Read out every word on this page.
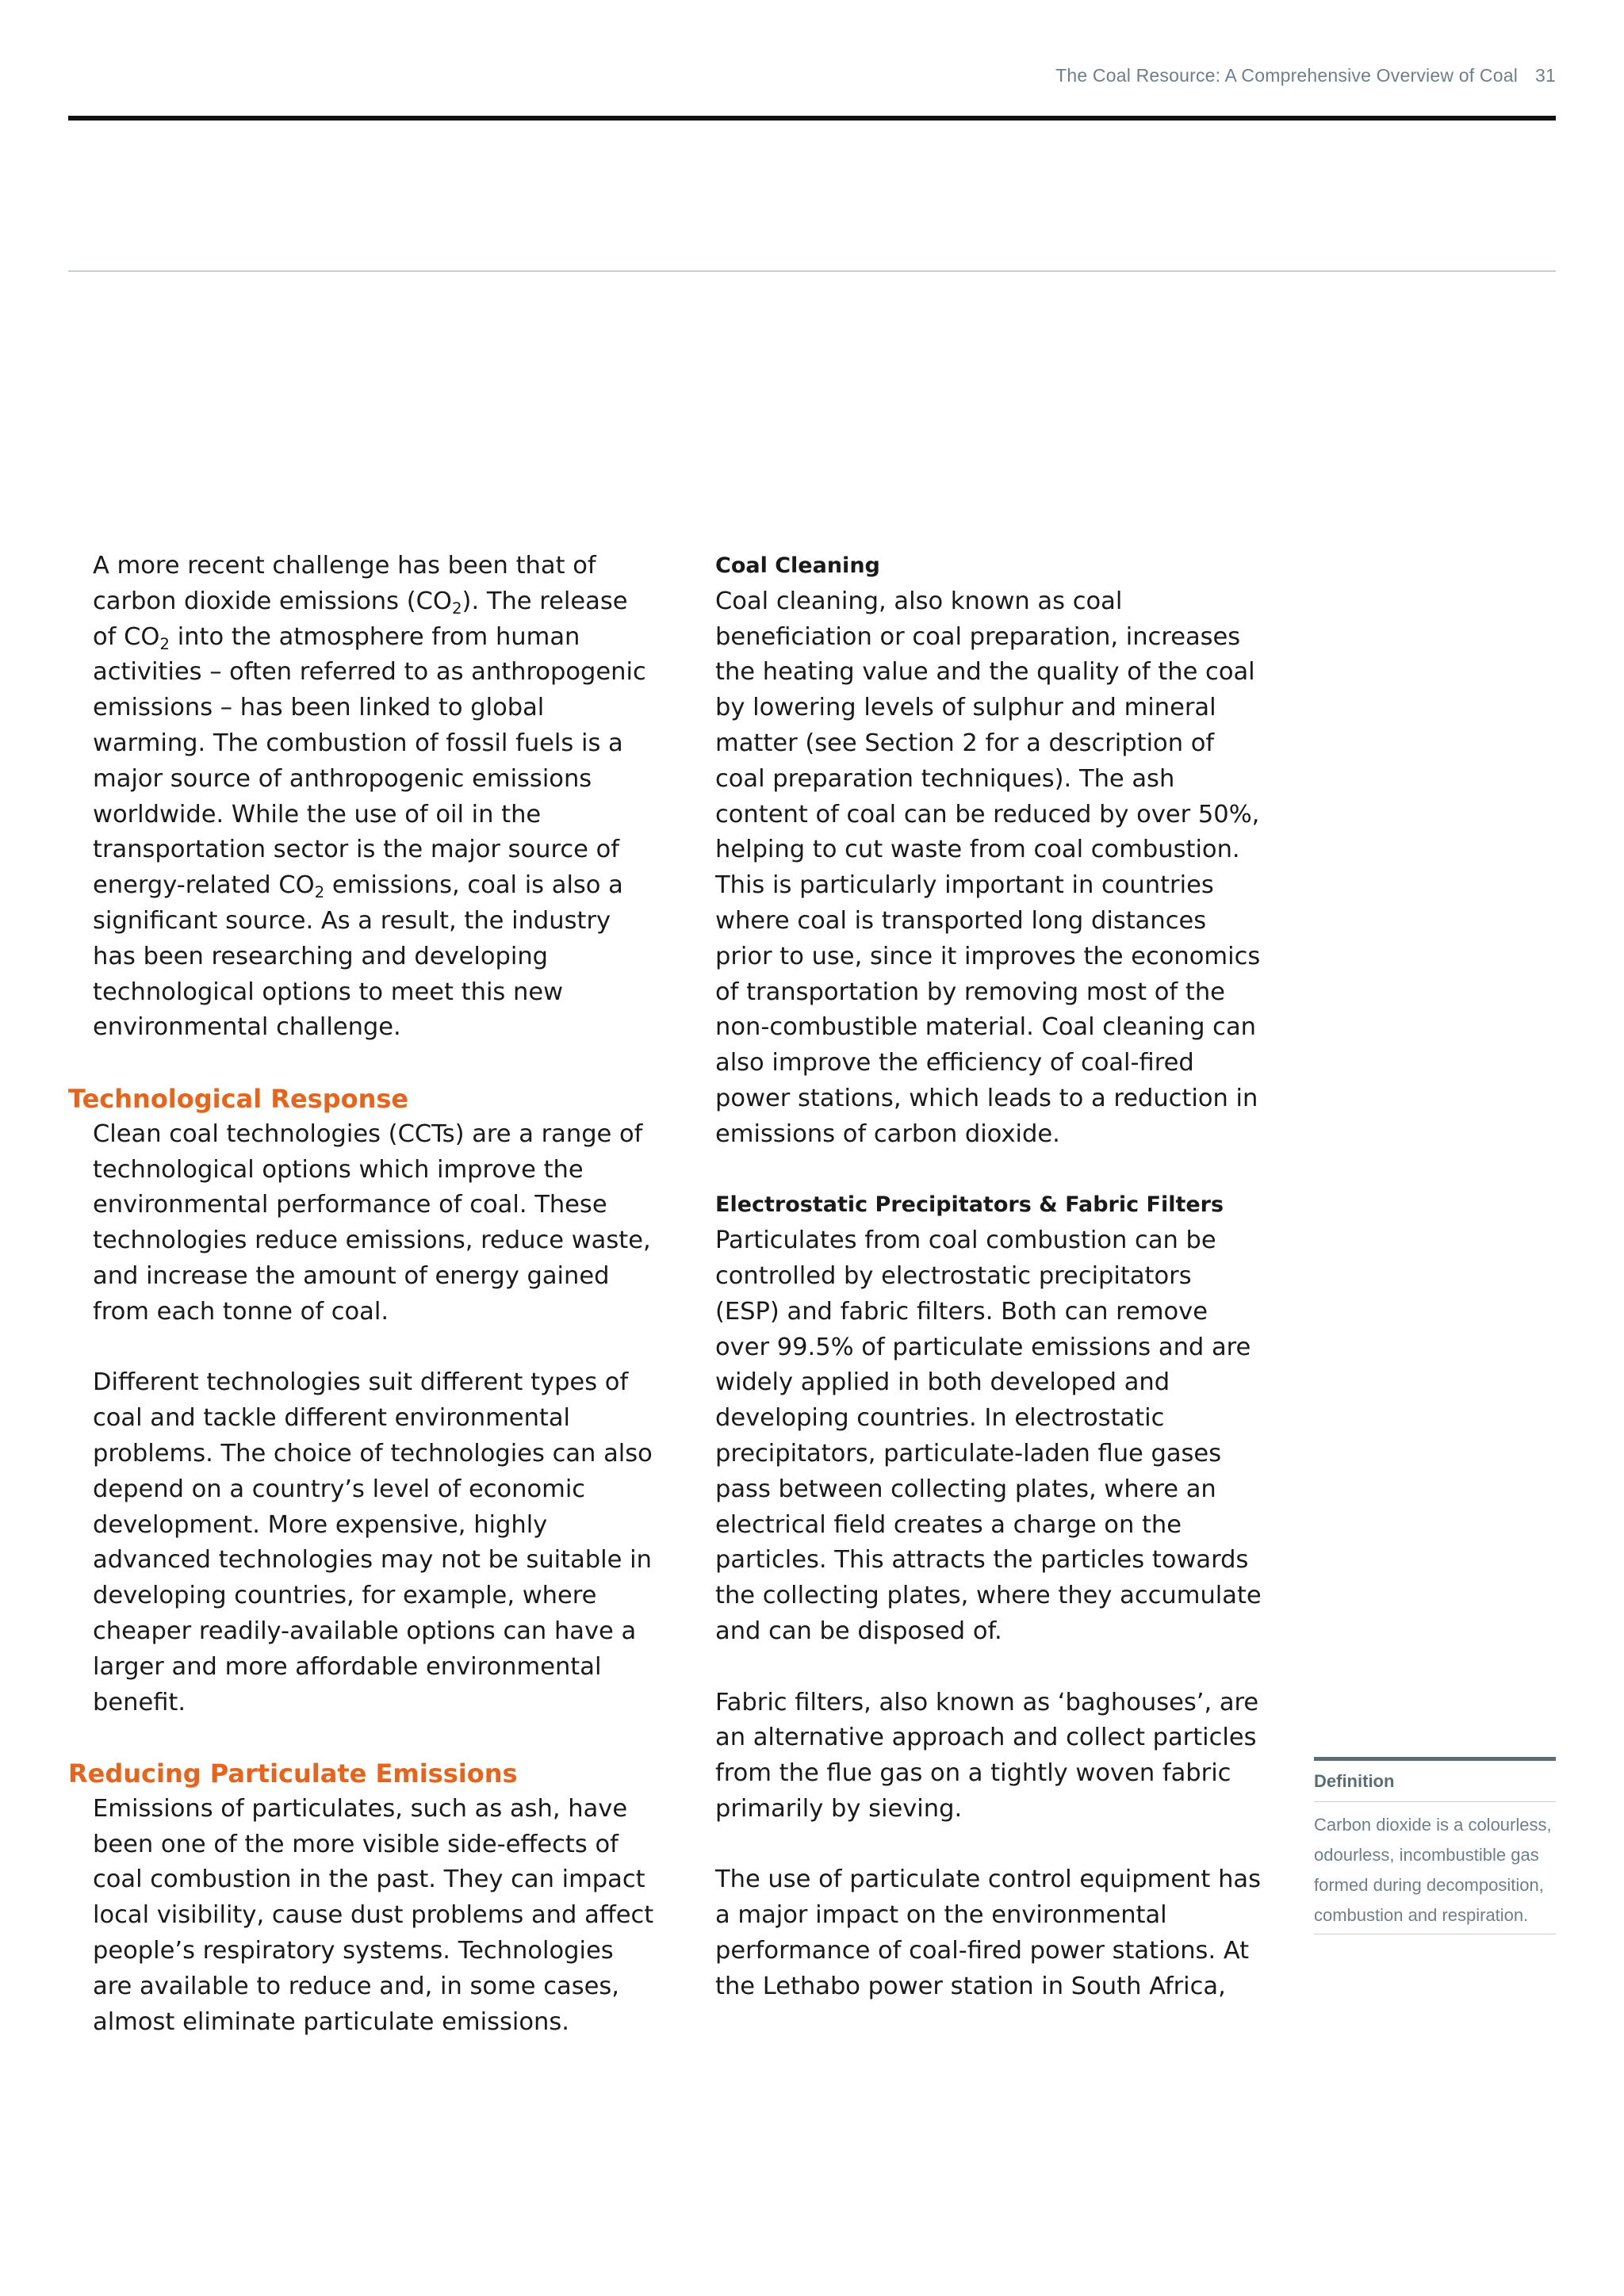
The Coal Resource: A Comprehensive Overview of Coal 31

A more recent challenge has been that of carbon dioxide emissions $(CO_2)$. The release of $CO_2$ into the atmosphere from human activities – often referred to as anthropogenic emissions – has been linked to global warming. The combustion of fossil fuels is a major source of anthropogenic emissions worldwide. While the use of oil in the transportation sector is the major source of energy-related $CO_2$ emissions, coal is also a significant source. As a result, the industry has been researching and developing technological options to meet this new environmental challenge.

Technological Response

Clean coal technologies (CCTs) are a range of technological options which improve the environmental performance of coal. These technologies reduce emissions, reduce waste, and increase the amount of energy gained from each tonne of coal.

Different technologies suit different types of coal and tackle different environmental problems. The choice of technologies can also depend on a country’s level of economic development. More expensive, highly advanced technologies may not be suitable in developing countries, for example, where cheaper readily-available options can have a larger and more affordable environmental benefit.

Reducing Particulate Emissions

Emissions of particulates, such as ash, have been one of the more visible side-effects of coal combustion in the past. They can impact local visibility, cause dust problems and affect people’s respiratory systems. Technologies are available to reduce and, in some cases, almost eliminate particulate emissions.

Coal Cleaning

Coal cleaning, also known as coal beneficiation or coal preparation, increases the heating value and the quality of the coal by lowering levels of sulphur and mineral matter (see Section 2 for a description of coal preparation techniques). The ash content of coal can be reduced by over 50%, helping to cut waste from coal combustion. This is particularly important in countries where coal is transported long distances prior to use, since it improves the economics of transportation by removing most of the non-combustible material. Coal cleaning can also improve the efficiency of coal-fired power stations, which leads to a reduction in emissions of carbon dioxide.

Electrostatic Precipitators & Fabric Filters

Particulates from coal combustion can be controlled by electrostatic precipitators (ESP) and fabric filters. Both can remove over 99.5% of particulate emissions and are widely applied in both developed and developing countries. In electrostatic precipitators, particulate-laden flue gases pass between collecting plates, where an electrical field creates a charge on the particles. This attracts the particles towards the collecting plates, where they accumulate and can be disposed of.

Fabric filters, also known as ‘baghouses’, are an alternative approach and collect particles from the flue gas on a tightly woven fabric primarily by sieving.

The use of particulate control equipment has a major impact on the environmental performance of coal-fired power stations. At the Lethabo power station in South Africa,

Definition
Carbon dioxide is a colourless, odourless, incombustible gas formed during decomposition, combustion and respiration.
